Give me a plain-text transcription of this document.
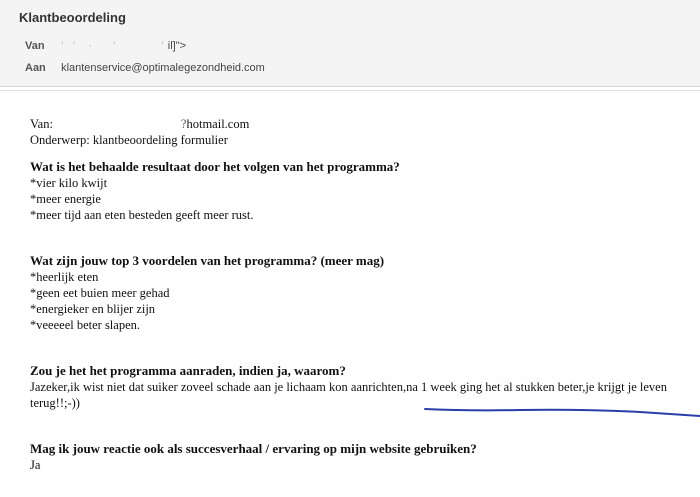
Klantbeoordeling
Van ‘  ’   ·     ‘           ’ il]">
Aan klantenservice@optimalegezondheid.com
Van:	?hotmail.com
Onderwerp: klantbeoordeling formulier
Wat is het behaalde resultaat door het volgen van het programma?
*vier kilo kwijt
*meer energie
*meer tijd aan eten besteden geeft meer rust.
Wat zijn jouw top 3 voordelen van het programma? (meer mag)
*heerlijk eten
*geen eet buien meer gehad
*energieker en blijer zijn
*veeeeel beter slapen.
Zou je het het programma aanraden, indien ja, waarom?
Jazeker,ik wist niet dat suiker zoveel schade aan je lichaam kon aanrichten,na 1 week ging het al stukken beter,je krijgt je leven
terug!!;-))
Mag ik jouw reactie ook als succesverhaal / ervaring op mijn website gebruiken?
Ja
